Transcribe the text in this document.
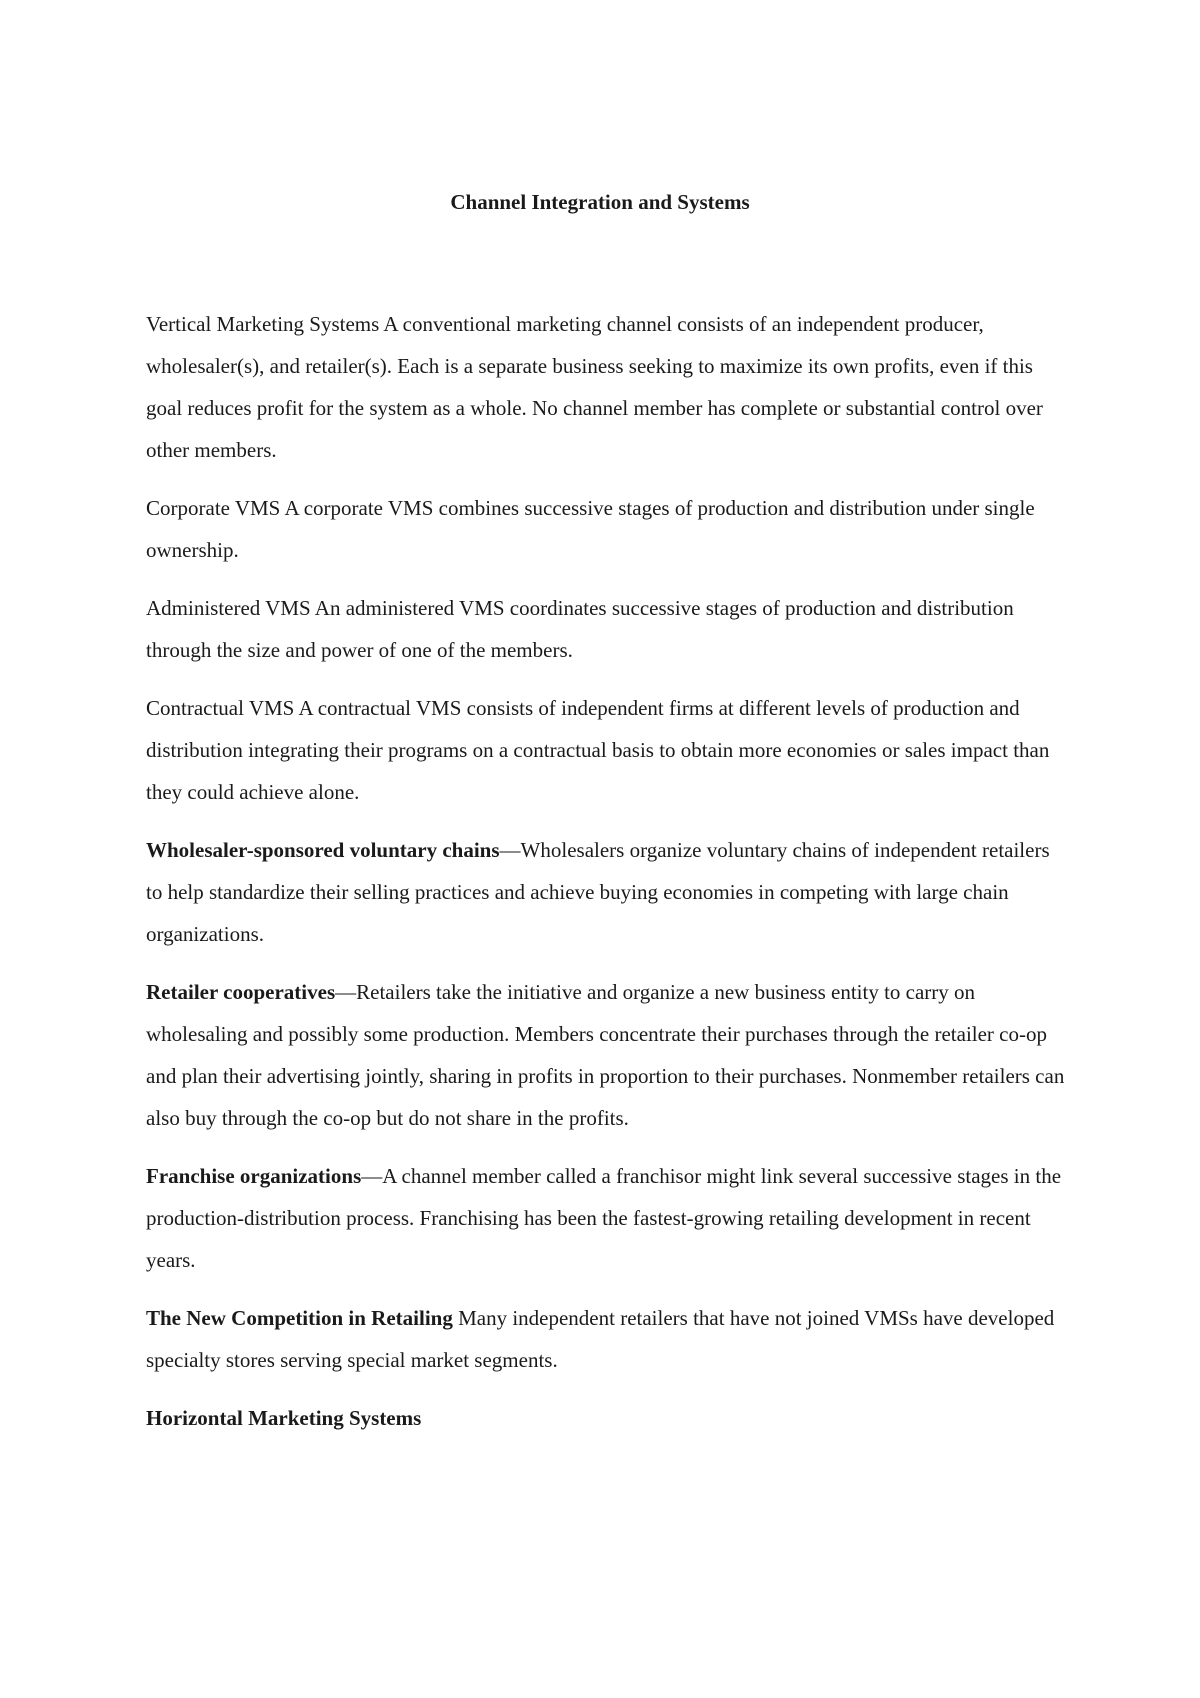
Channel Integration and Systems

Vertical Marketing Systems A conventional marketing channel consists of an independent producer, wholesaler(s), and retailer(s). Each is a separate business seeking to maximize its own profits, even if this goal reduces profit for the system as a whole. No channel member has complete or substantial control over other members.

Corporate VMS A corporate VMS combines successive stages of production and distribution under single ownership.

Administered VMS An administered VMS coordinates successive stages of production and distribution through the size and power of one of the members.

Contractual VMS A contractual VMS consists of independent firms at different levels of production and distribution integrating their programs on a contractual basis to obtain more economies or sales impact than they could achieve alone.

Wholesaler-sponsored voluntary chains—Wholesalers organize voluntary chains of independent retailers to help standardize their selling practices and achieve buying economies in competing with large chain organizations.

Retailer cooperatives—Retailers take the initiative and organize a new business entity to carry on wholesaling and possibly some production. Members concentrate their purchases through the retailer co-op and plan their advertising jointly, sharing in profits in proportion to their purchases. Nonmember retailers can also buy through the co-op but do not share in the profits.

Franchise organizations—A channel member called a franchisor might link several successive stages in the production-distribution process. Franchising has been the fastest-growing retailing development in recent years.

The New Competition in Retailing Many independent retailers that have not joined VMSs have developed specialty stores serving special market segments.

Horizontal Marketing Systems
